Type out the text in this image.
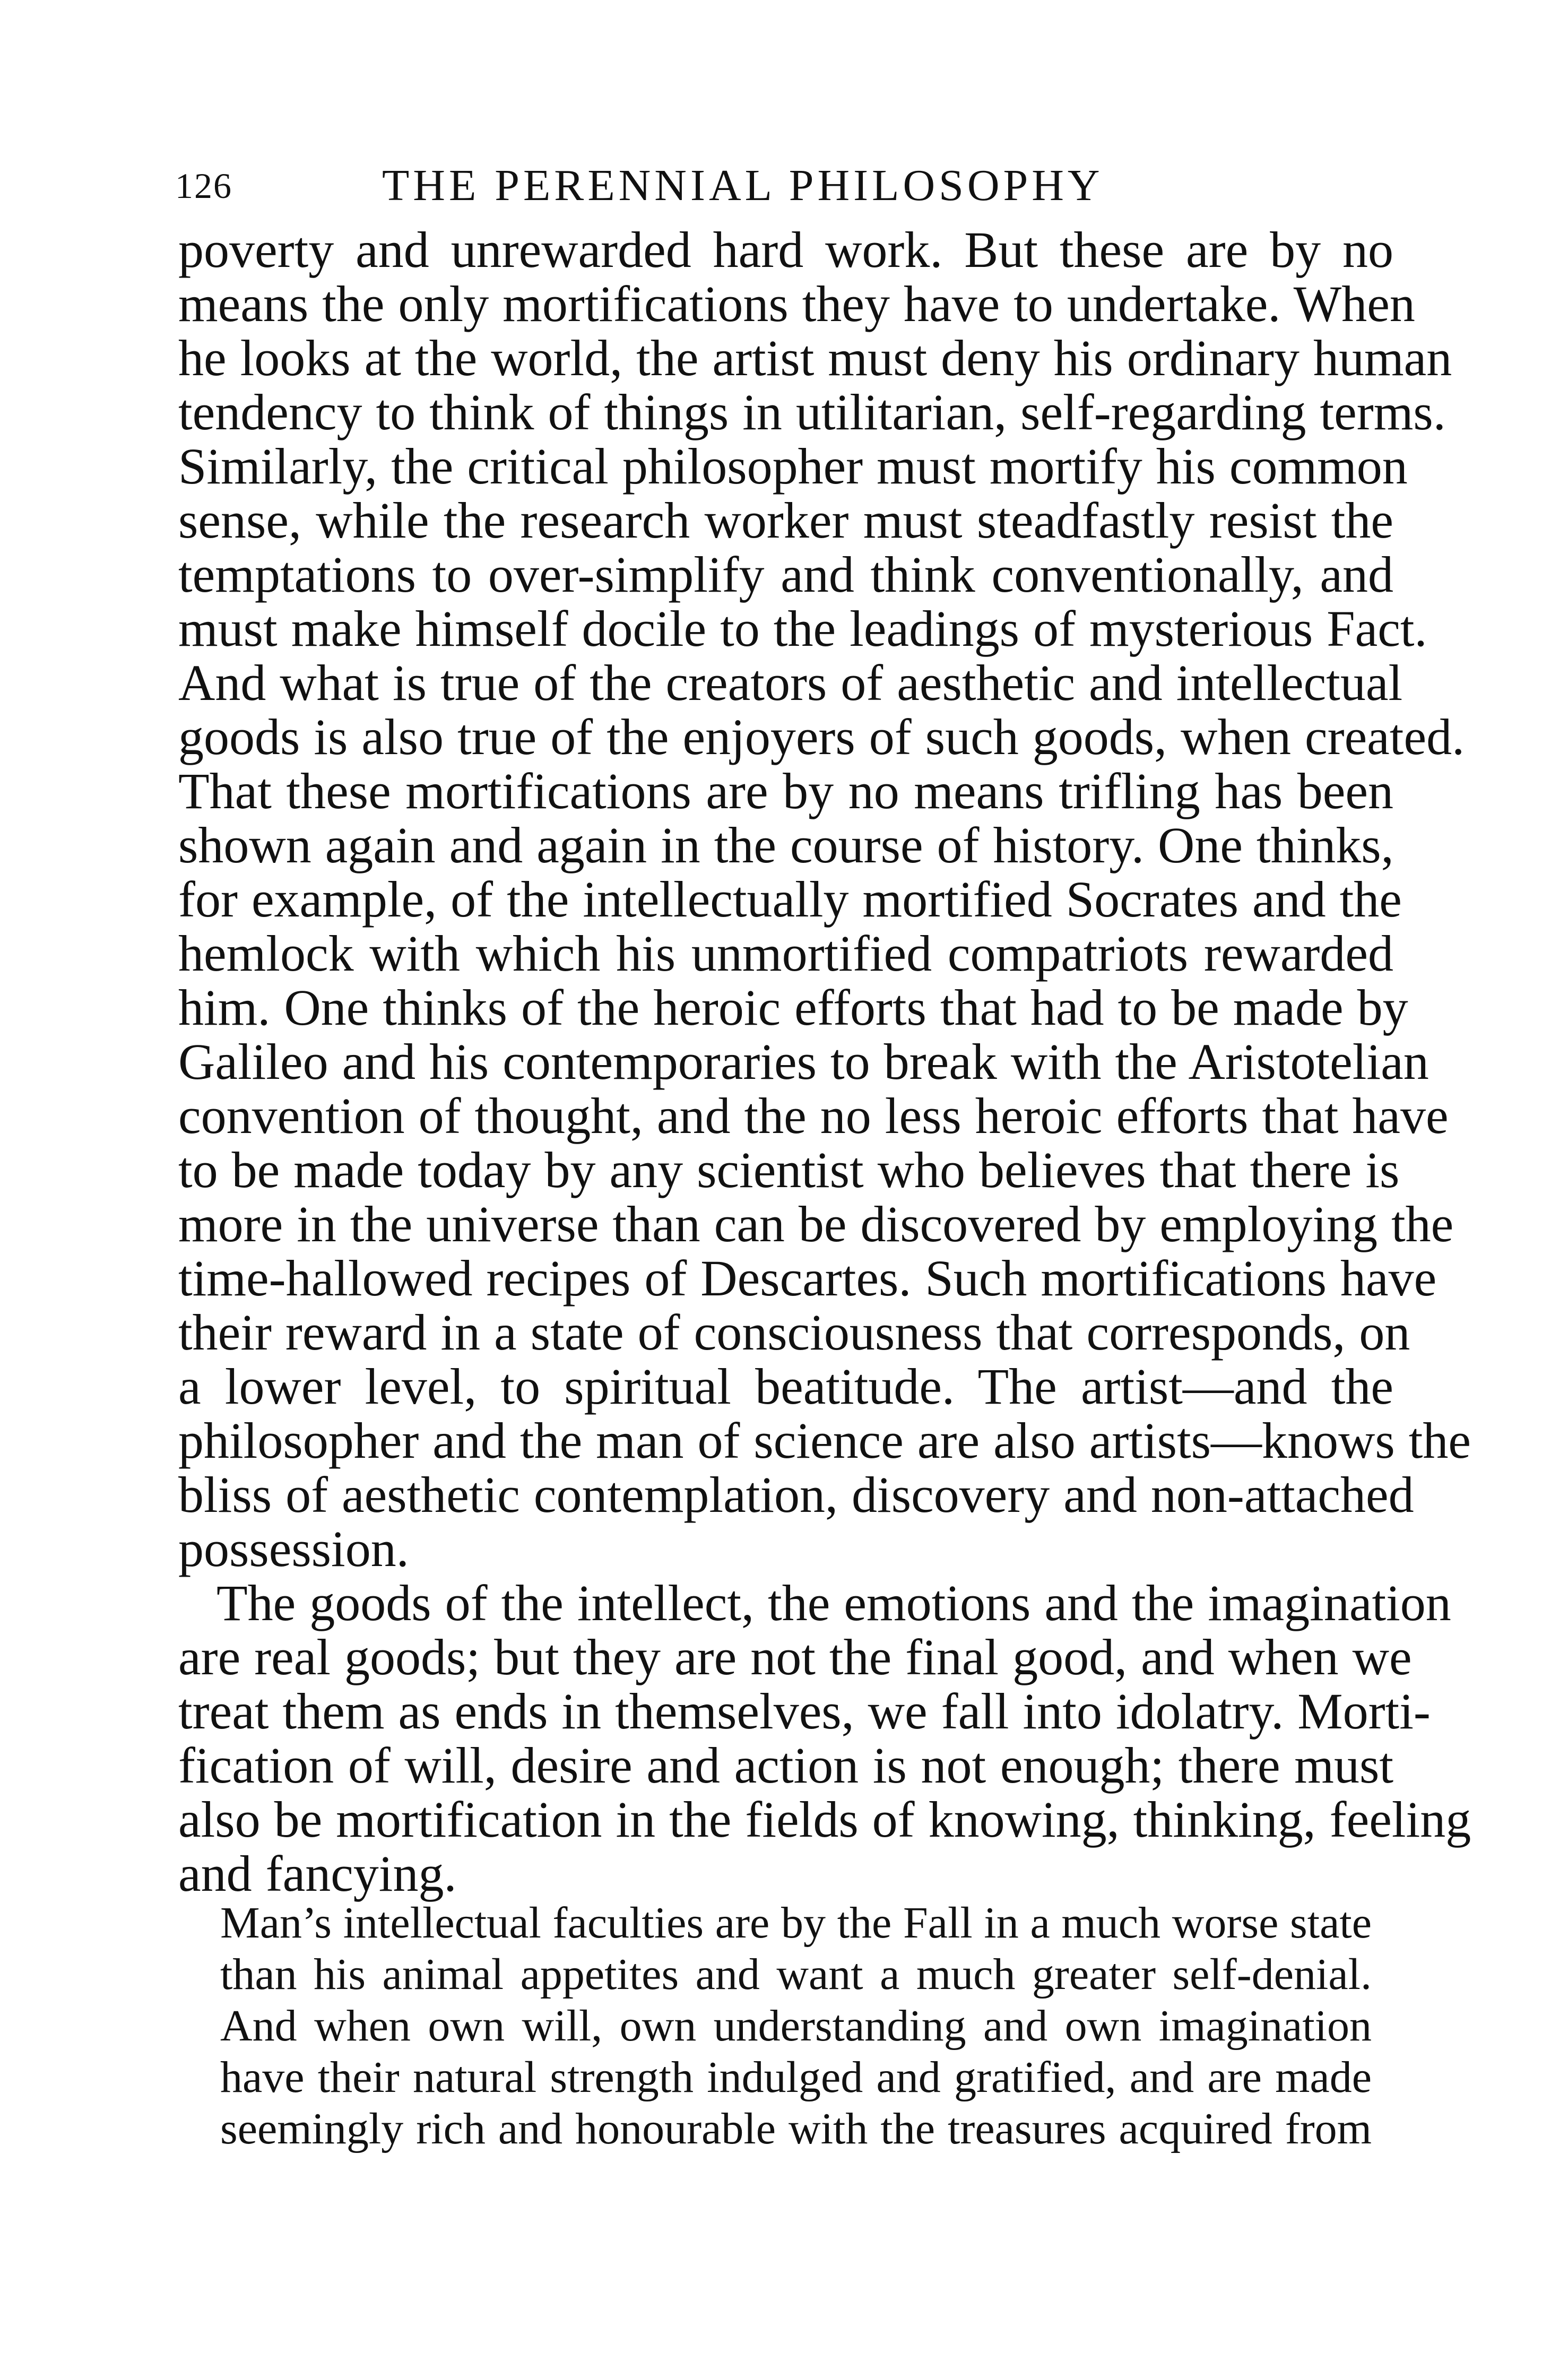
126	THE PERENNIAL PHILOSOPHY
poverty and unrewarded hard work. But these are by no
means the only mortifications they have to undertake. When
he looks at the world, the artist must deny his ordinary human
tendency to think of things in utilitarian, self-regarding terms.
Similarly, the critical philosopher must mortify his common
sense, while the research worker must steadfastly resist the
temptations to over-simplify and think conventionally, and
must make himself docile to the leadings of mysterious Fact.
And what is true of the creators of aesthetic and intellectual
goods is also true of the enjoyers of such goods, when created.
That these mortifications are by no means trifling has been
shown again and again in the course of history. One thinks,
for example, of the intellectually mortified Socrates and the
hemlock with which his unmortified compatriots rewarded
him. One thinks of the heroic efforts that had to be made by
Galileo and his contemporaries to break with the Aristotelian
convention of thought, and the no less heroic efforts that have
to be made today by any scientist who believes that there is
more in the universe than can be discovered by employing the
time-hallowed recipes of Descartes. Such mortifications have
their reward in a state of consciousness that corresponds, on
a lower level, to spiritual beatitude. The artist—and the
philosopher and the man of science are also artists—knows the
bliss of aesthetic contemplation, discovery and non-attached
possession.
The goods of the intellect, the emotions and the imagination
are real goods; but they are not the final good, and when we
treat them as ends in themselves, we fall into idolatry. Morti-
fication of will, desire and action is not enough; there must
also be mortification in the fields of knowing, thinking, feeling
and fancying.
Man’s intellectual faculties are by the Fall in a much worse state
than his animal appetites and want a much greater self-denial.
And when own will, own understanding and own imagination
have their natural strength indulged and gratified, and are made
seemingly rich and honourable with the treasures acquired from
